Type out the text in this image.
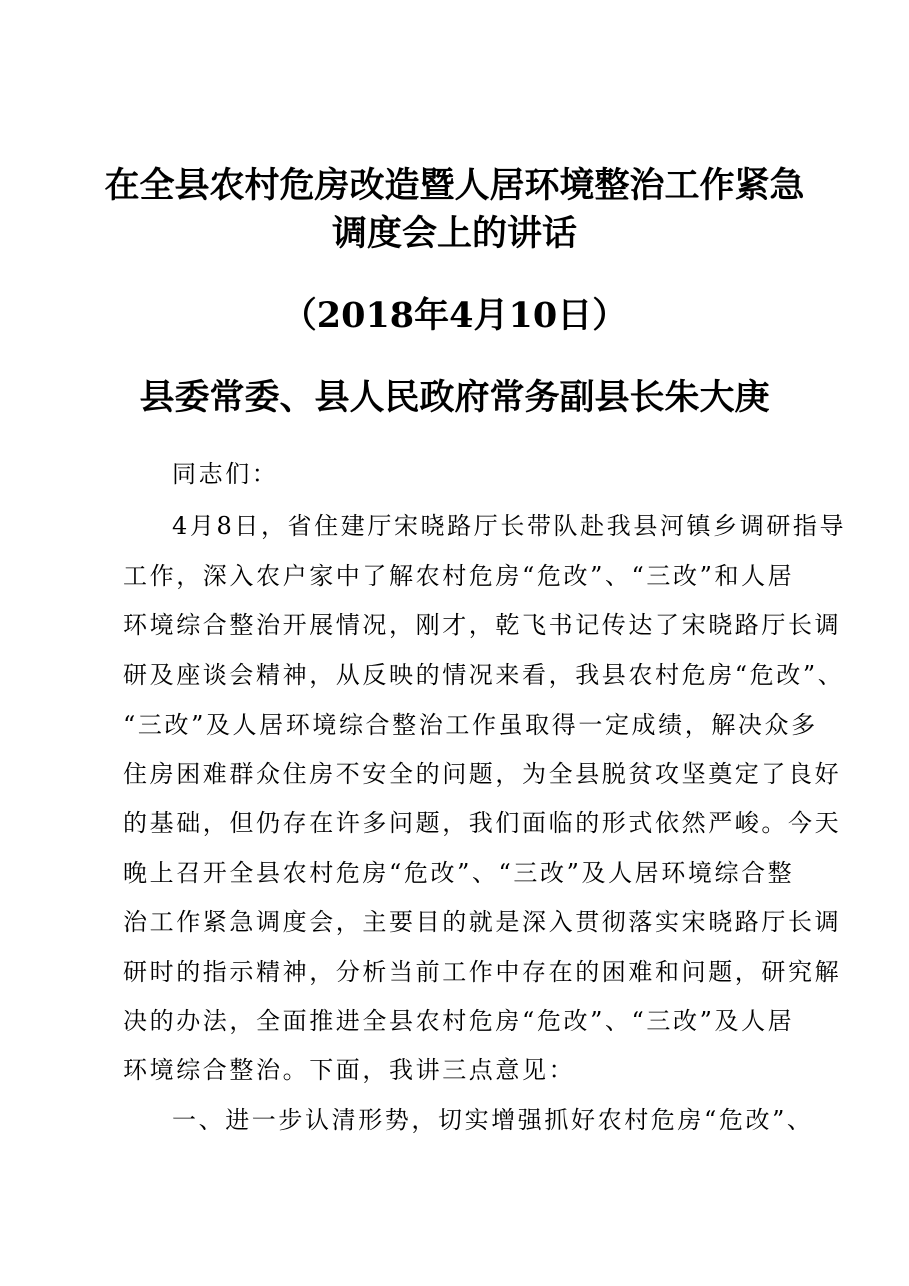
在全县农村危房改造暨人居环境整治工作紧急
调度会上的讲话
（2018年4月10日）
县委常委、县人民政府常务副县长朱大庚
同志们：
4月8日，省住建厅宋晓路厅长带队赴我县河镇乡调研指导
工作，深入农户家中了解农村危房“危改”、“三改”和人居
环境综合整治开展情况，刚才，乾飞书记传达了宋晓路厅长调
研及座谈会精神，从反映的情况来看，我县农村危房“危改”、
“三改”及人居环境综合整治工作虽取得一定成绩，解决众多
住房困难群众住房不安全的问题，为全县脱贫攻坚奠定了良好
的基础，但仍存在许多问题，我们面临的形式依然严峻。今天
晚上召开全县农村危房“危改”、“三改”及人居环境综合整
治工作紧急调度会，主要目的就是深入贯彻落实宋晓路厅长调
研时的指示精神，分析当前工作中存在的困难和问题，研究解
决的办法，全面推进全县农村危房“危改”、“三改”及人居
环境综合整治。下面，我讲三点意见：
一、进一步认清形势，切实增强抓好农村危房“危改”、
